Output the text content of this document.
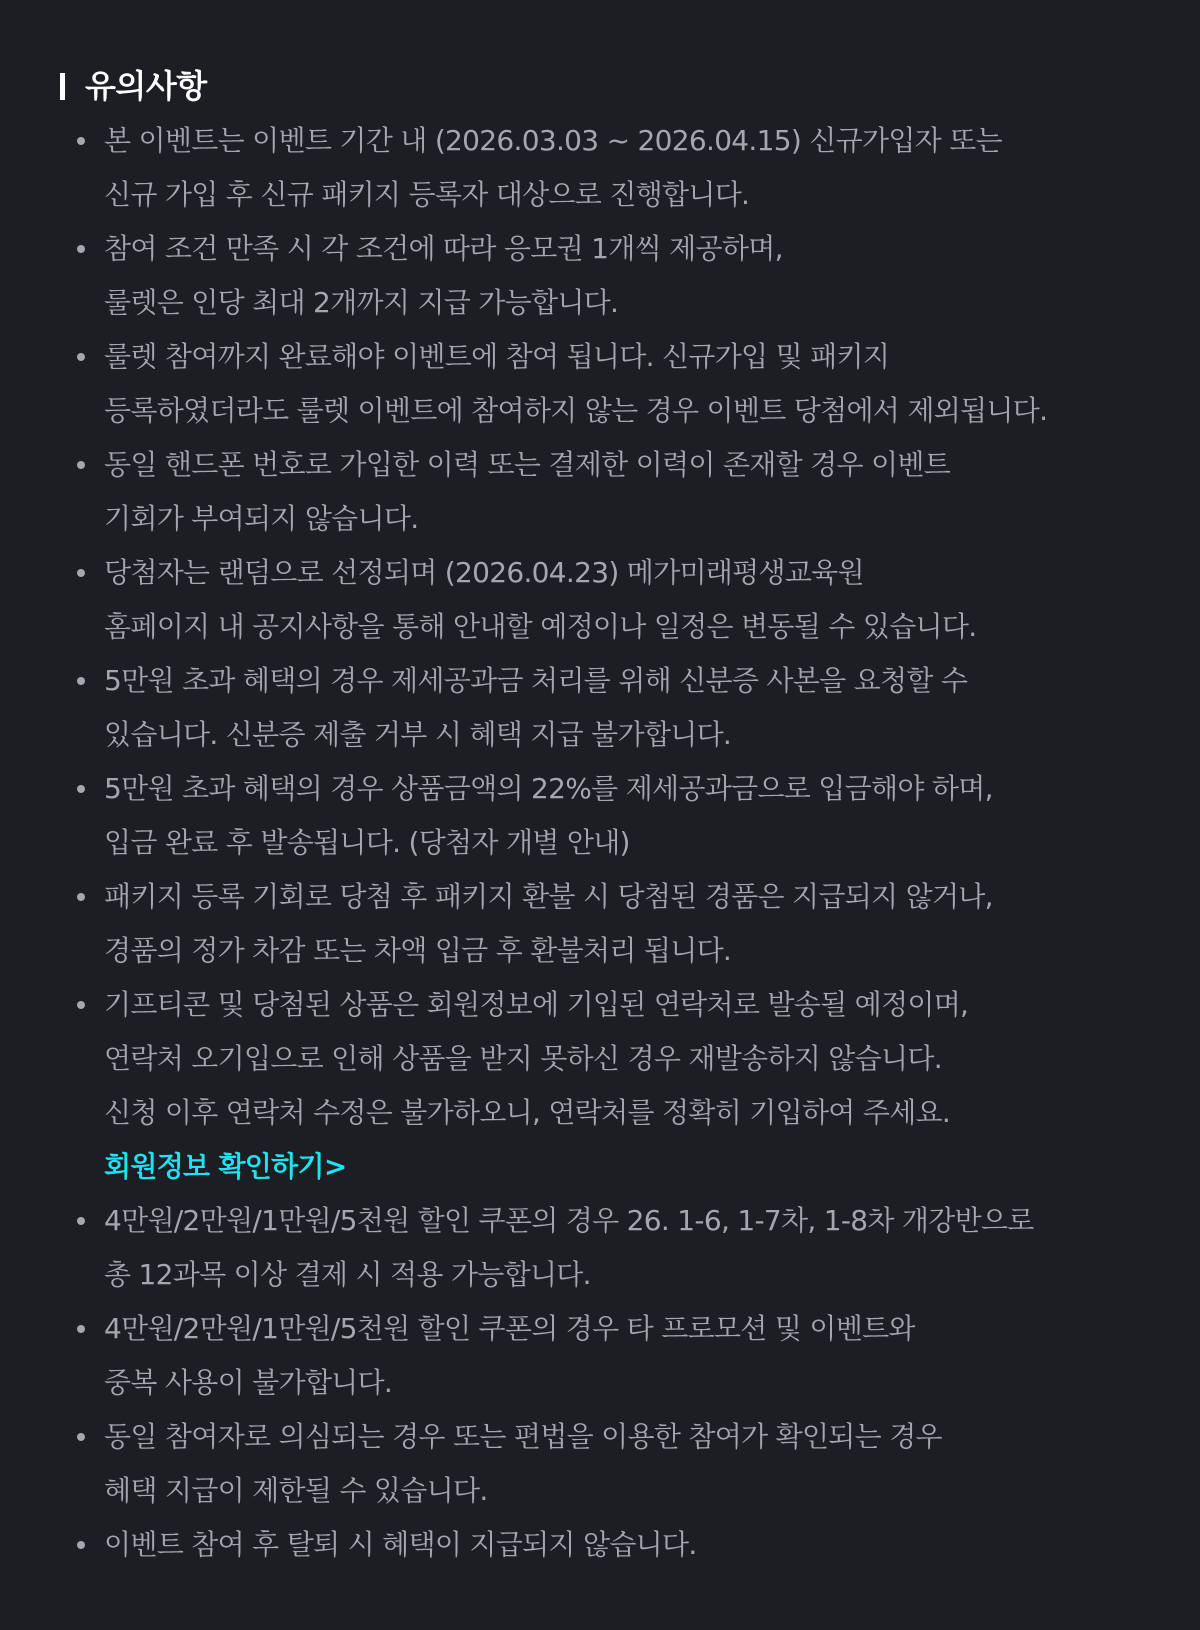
유의사항
본 이벤트는 이벤트 기간 내 (2026.03.03 ~ 2026.04.15) 신규가입자 또는
신규 가입 후 신규 패키지 등록자 대상으로 진행합니다.
참여 조건 만족 시 각 조건에 따라 응모권 1개씩 제공하며,
룰렛은 인당 최대 2개까지 지급 가능합니다.
룰렛 참여까지 완료해야 이벤트에 참여 됩니다. 신규가입 및 패키지
등록하였더라도 룰렛 이벤트에 참여하지 않는 경우 이벤트 당첨에서 제외됩니다.
동일 핸드폰 번호로 가입한 이력 또는 결제한 이력이 존재할 경우 이벤트
기회가 부여되지 않습니다.
당첨자는 랜덤으로 선정되며 (2026.04.23) 메가미래평생교육원
홈페이지 내 공지사항을 통해 안내할 예정이나 일정은 변동될 수 있습니다.
5만원 초과 혜택의 경우 제세공과금 처리를 위해 신분증 사본을 요청할 수
있습니다. 신분증 제출 거부 시 혜택 지급 불가합니다.
5만원 초과 혜택의 경우 상품금액의 22%를 제세공과금으로 입금해야 하며,
입금 완료 후 발송됩니다. (당첨자 개별 안내)
패키지 등록 기회로 당첨 후 패키지 환불 시 당첨된 경품은 지급되지 않거나,
경품의 정가 차감 또는 차액 입금 후 환불처리 됩니다.
기프티콘 및 당첨된 상품은 회원정보에 기입된 연락처로 발송될 예정이며,
연락처 오기입으로 인해 상품을 받지 못하신 경우 재발송하지 않습니다.
신청 이후 연락처 수정은 불가하오니, 연락처를 정확히 기입하여 주세요.
회원정보 확인하기>
4만원/2만원/1만원/5천원 할인 쿠폰의 경우 26. 1-6, 1-7차, 1-8차 개강반으로
총 12과목 이상 결제 시 적용 가능합니다.
4만원/2만원/1만원/5천원 할인 쿠폰의 경우 타 프로모션 및 이벤트와
중복 사용이 불가합니다.
동일 참여자로 의심되는 경우 또는 편법을 이용한 참여가 확인되는 경우
혜택 지급이 제한될 수 있습니다.
이벤트 참여 후 탈퇴 시 혜택이 지급되지 않습니다.
